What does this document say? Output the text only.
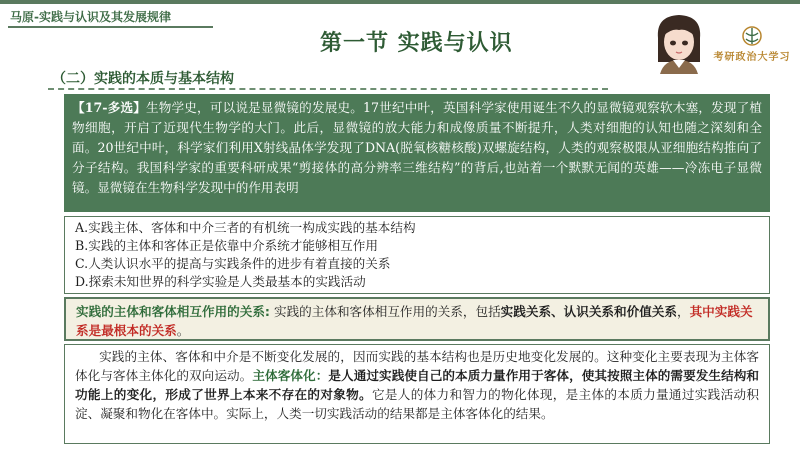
马原-实践与认识及其发展规律
第一节 实践与认识
考研政治大学习
（二）实践的本质与基本结构
【17-多选】生物学史，可以说是显微镜的发展史。17世纪中叶，英国科学家使用诞生不久的显微镜观察软木塞，发现了植物细胞，开启了近现代生物学的大门。此后，显微镜的放大能力和成像质量不断提升，人类对细胞的认知也随之深刻和全面。20世纪中叶，科学家们利用X射线晶体学发现了DNA(脱氧核糖核酸)双螺旋结构，人类的观察极限从亚细胞结构推向了分子结构。我国科学家的重要科研成果“剪接体的高分辨率三维结构”的背后,也站着一个默默无闻的英雄——冷冻电子显微镜。显微镜在生物科学发现中的作用表明
A.实践主体、客体和中介三者的有机统一构成实践的基本结构
B.实践的主体和客体正是依靠中介系统才能够相互作用
C.人类认识水平的提高与实践条件的进步有着直接的关系
D.探索未知世界的科学实验是人类最基本的实践活动
实践的主体和客体相互作用的关系: 实践的主体和客体相互作用的关系，包括实践关系、认识关系和价值关系，其中实践关系是最根本的关系。
实践的主体、客体和中介是不断变化发展的，因而实践的基本结构也是历史地变化发展的。这种变化主要表现为主体客体化与客体主体化的双向运动。主体客体化：是人通过实践使自己的本质力量作用于客体，使其按照主体的需要发生结构和功能上的变化，形成了世界上本来不存在的对象物。它是人的体力和智力的物化体现，是主体的本质力量通过实践活动积淀、凝聚和物化在客体中。实际上，人类一切实践活动的结果都是主体客体化的结果。
